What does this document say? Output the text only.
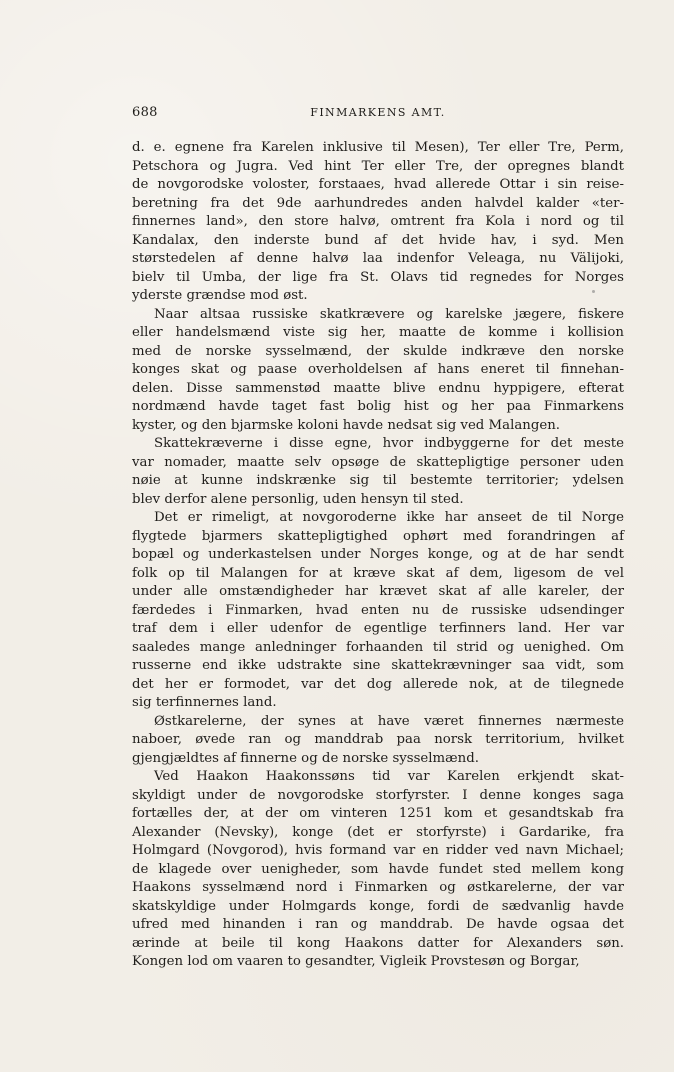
688	FINMARKENS AMT.
d. e. egnene fra Karelen inklusive til Mesen), Ter eller Tre, Perm,
Petschora og Jugra. Ved hint Ter eller Tre, der opregnes blandt
de novgorodske voloster, forstaaes, hvad allerede Ottar i sin reise-
beretning fra det 9de aarhundredes anden halvdel kalder «ter-
finnernes land», den store halvø, omtrent fra Kola i nord og til
Kandalax, den inderste bund af det hvide hav, i syd. Men
størstedelen af denne halvø laa indenfor Veleaga, nu Välijoki,
bielv til Umba, der lige fra St. Olavs tid regnedes for Norges
yderste grændse mod øst.
Naar altsaa russiske skatkrævere og karelske jægere, fiskere
eller handelsmænd viste sig her, maatte de komme i kollision
med de norske sysselmænd, der skulde indkræve den norske
konges skat og paase overholdelsen af hans eneret til finnehan-
delen. Disse sammenstød maatte blive endnu hyppigere, efterat
nordmænd havde taget fast bolig hist og her paa Finmarkens
kyster, og den bjarmske koloni havde nedsat sig ved Malangen.
Skattekræverne i disse egne, hvor indbyggerne for det meste
var nomader, maatte selv opsøge de skattepligtige personer uden
nøie at kunne indskrænke sig til bestemte territorier; ydelsen
blev derfor alene personlig, uden hensyn til sted.
Det er rimeligt, at novgoroderne ikke har anseet de til Norge
flygtede bjarmers skattepligtighed ophørt med forandringen af
bopæl og underkastelsen under Norges konge, og at de har sendt
folk op til Malangen for at kræve skat af dem, ligesom de vel
under alle omstændigheder har krævet skat af alle kareler, der
færdedes i Finmarken, hvad enten nu de russiske udsendinger
traf dem i eller udenfor de egentlige terfinners land. Her var
saaledes mange anledninger forhaanden til strid og uenighed. Om
russerne end ikke udstrakte sine skattekrævninger saa vidt, som
det her er formodet, var det dog allerede nok, at de tilegnede
sig terfinnernes land.
Østkarelerne, der synes at have været finnernes nærmeste
naboer, øvede ran og manddrab paa norsk territorium, hvilket
gjengjældtes af finnerne og de norske sysselmænd.
Ved Haakon Haakonssøns tid var Karelen erkjendt skat-
skyldigt under de novgorodske storfyrster. I denne konges saga
fortælles der, at der om vinteren 1251 kom et gesandtskab fra
Alexander (Nevsky), konge (det er storfyrste) i Gardarike, fra
Holmgard (Novgorod), hvis formand var en ridder ved navn Michael;
de klagede over uenigheder, som havde fundet sted mellem kong
Haakons sysselmænd nord i Finmarken og østkarelerne, der var
skatskyldige under Holmgards konge, fordi de sædvanlig havde
ufred med hinanden i ran og manddrab. De havde ogsaa det
ærinde at beile til kong Haakons datter for Alexanders søn.
Kongen lod om vaaren to gesandter, Vigleik Provstesøn og Borgar,
